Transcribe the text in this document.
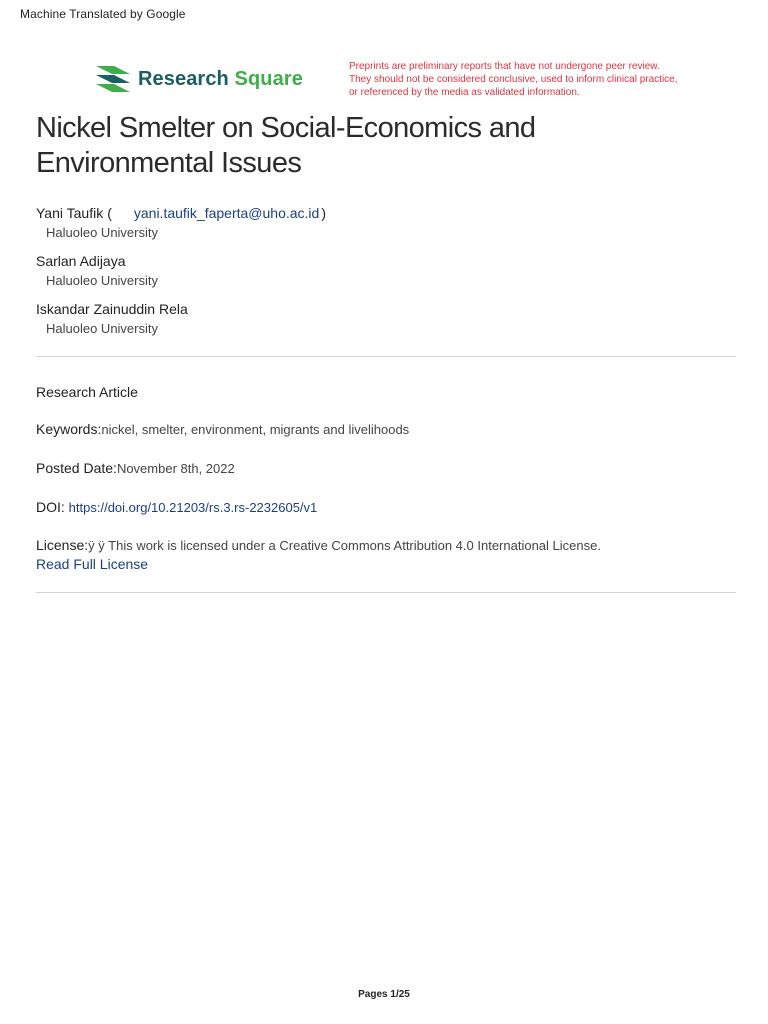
Machine Translated by Google
Research Square
Preprints are preliminary reports that have not undergone peer review.
They should not be considered conclusive, used to inform clinical practice,
or referenced by the media as validated information.
Nickel Smelter on Social-Economics and
Environmental Issues
Yani Taufik ( yani.taufik_faperta@uho.ac.id )
Haluoleo University
Sarlan Adijaya
Haluoleo University
Iskandar Zainuddin Rela
Haluoleo University
Research Article
Keywords:nickel, smelter, environment, migrants and livelihoods
Posted Date:November 8th, 2022
DOI: https://doi.org/10.21203/rs.3.rs-2232605/v1
License:ÿ ÿ This work is licensed under a Creative Commons Attribution 4.0 International License.
Read Full License
Pages 1/25
